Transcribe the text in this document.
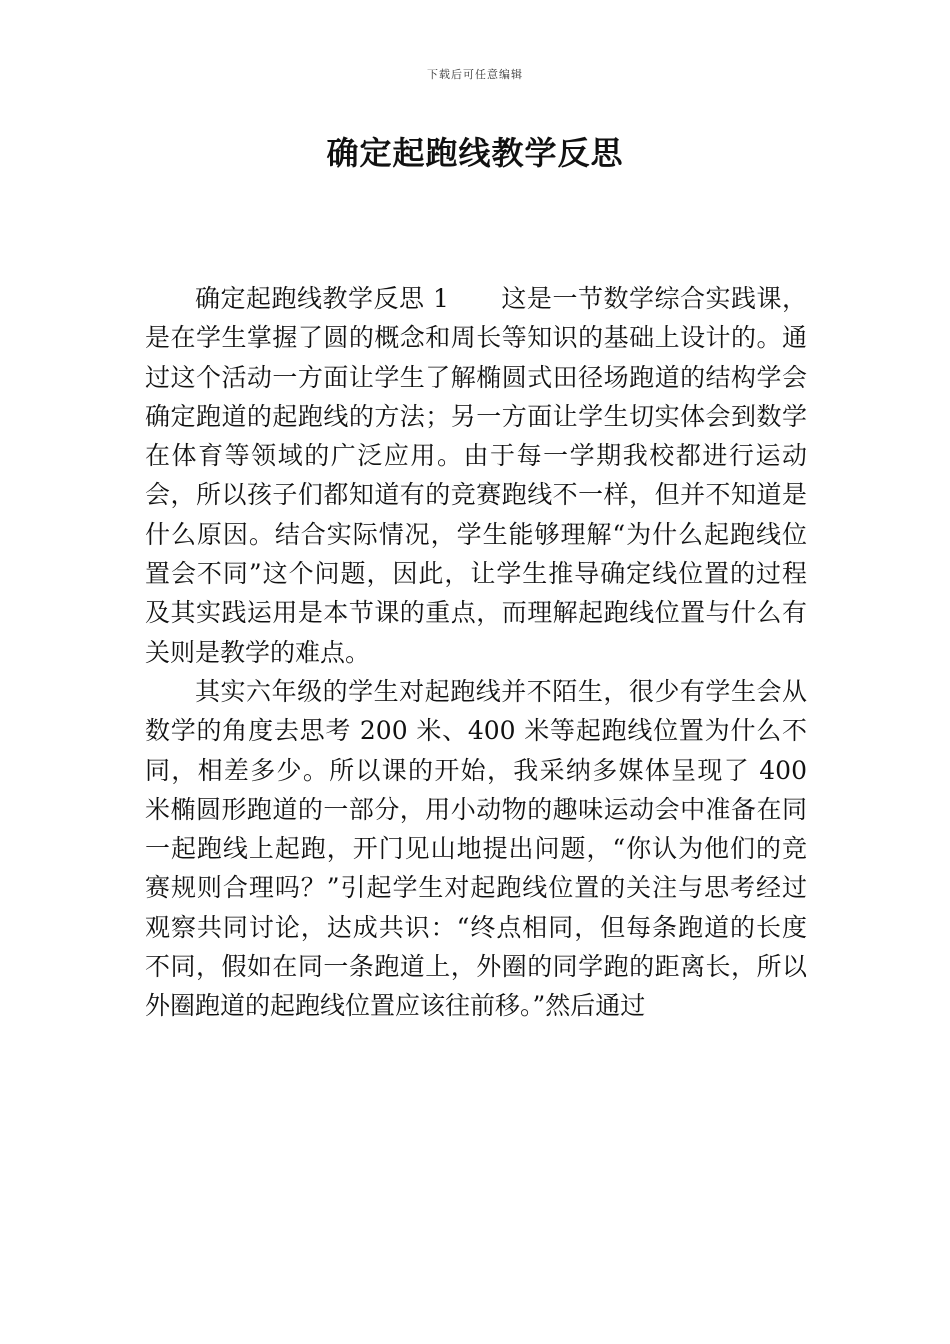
下载后可任意编辑
确定起跑线教学反思

确定起跑线教学反思 1 这是一节数学综合实践课，是在学生掌握了圆的概念和周长等知识的基础上设计的。通过这个活动一方面让学生了解椭圆式田径场跑道的结构学会确定跑道的起跑线的方法；另一方面让学生切实体会到数学在体育等领域的广泛应用。由于每一学期我校都进行运动会，所以孩子们都知道有的竞赛跑线不一样，但并不知道是什么原因。结合实际情况，学生能够理解“为什么起跑线位置会不同”这个问题，因此，让学生推导确定线位置的过程及其实践运用是本节课的重点，而理解起跑线位置与什么有关则是教学的难点。

其实六年级的学生对起跑线并不陌生，很少有学生会从数学的角度去思考 200 米、400 米等起跑线位置为什么不同，相差多少。所以课的开始，我采纳多媒体呈现了 400 米椭圆形跑道的一部分，用小动物的趣味运动会中准备在同一起跑线上起跑，开门见山地提出问题，“你认为他们的竞赛规则合理吗？”引起学生对起跑线位置的关注与思考经过观察共同讨论，达成共识：“终点相同，但每条跑道的长度不同，假如在同一条跑道上，外圈的同学跑的距离长，所以外圈跑道的起跑线位置应该往前移。”然后通过
